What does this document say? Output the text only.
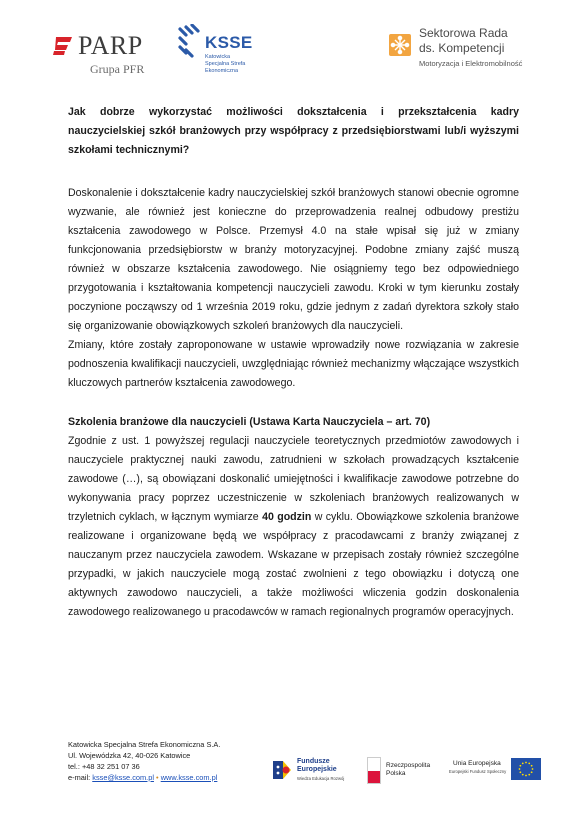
PARP
Grupa PFR
KSSE
Katowicka
Specjalna Strefa
Ekonomiczna
Sektorowa Rada
ds. Kompetencji
Motoryzacja i Elektromobilność

Jak dobrze wykorzystać możliwości dokształcenia i przekształcenia kadry nauczycielskiej szkół branżowych przy współpracy z przedsiębiorstwami lub/i wyższymi szkołami technicznymi?

Doskonalenie i dokształcenie kadry nauczycielskiej szkół branżowych stanowi obecnie ogromne wyzwanie, ale również jest konieczne do przeprowadzenia realnej odbudowy prestiżu kształcenia zawodowego w Polsce. Przemysł 4.0 na stałe wpisał się już w zmiany funkcjonowania przedsiębiorstw w branży motoryzacyjnej. Podobne zmiany zajść muszą również w obszarze kształcenia zawodowego. Nie osiągniemy tego bez odpowiedniego przygotowania i kształtowania kompetencji nauczycieli zawodu. Kroki w tym kierunku zostały poczynione począwszy od 1 września 2019 roku, gdzie jednym z zadań dyrektora szkoły stało się organizowanie obowiązkowych szkoleń branżowych dla nauczycieli.

Zmiany, które zostały zaproponowane w ustawie wprowadziły nowe rozwiązania w zakresie podnoszenia kwalifikacji nauczycieli, uwzględniając również mechanizmy włączające wszystkich kluczowych partnerów kształcenia zawodowego.

Szkolenia branżowe dla nauczycieli (Ustawa Karta Nauczyciela – art. 70)

Zgodnie z ust. 1 powyższej regulacji nauczyciele teoretycznych przedmiotów zawodowych i nauczyciele praktycznej nauki zawodu, zatrudnieni w szkołach prowadzących kształcenie zawodowe (…), są obowiązani doskonalić umiejętności i kwalifikacje zawodowe potrzebne do wykonywania pracy poprzez uczestniczenie w szkoleniach branżowych realizowanych w trzyletnich cyklach, w łącznym wymiarze 40 godzin w cyklu. Obowiązkowe szkolenia branżowe realizowane i organizowane będą we współpracy z pracodawcami z branży związanej z nauczanym przez nauczyciela zawodem. Wskazane w przepisach zostały również szczególne przypadki, w jakich nauczyciele mogą zostać zwolnieni z tego obowiązku i dotyczą one aktywnych zawodowo nauczycieli, a także możliwości wliczenia godzin doskonalenia zawodowego realizowanego u pracodawców w ramach regionalnych programów operacyjnych.

Katowicka Specjalna Strefa Ekonomiczna S.A.
Ul. Wojewódzka 42, 40-026 Katowice
tel.: +48 32 251 07 36
e-mail: ksse@ksse.com.pl • www.ksse.com.pl
Fundusze
Europejskie
Wiedza Edukacja Rozwój
Rzeczpospolita
Polska
Unia Europejska
Europejski Fundusz Społeczny
